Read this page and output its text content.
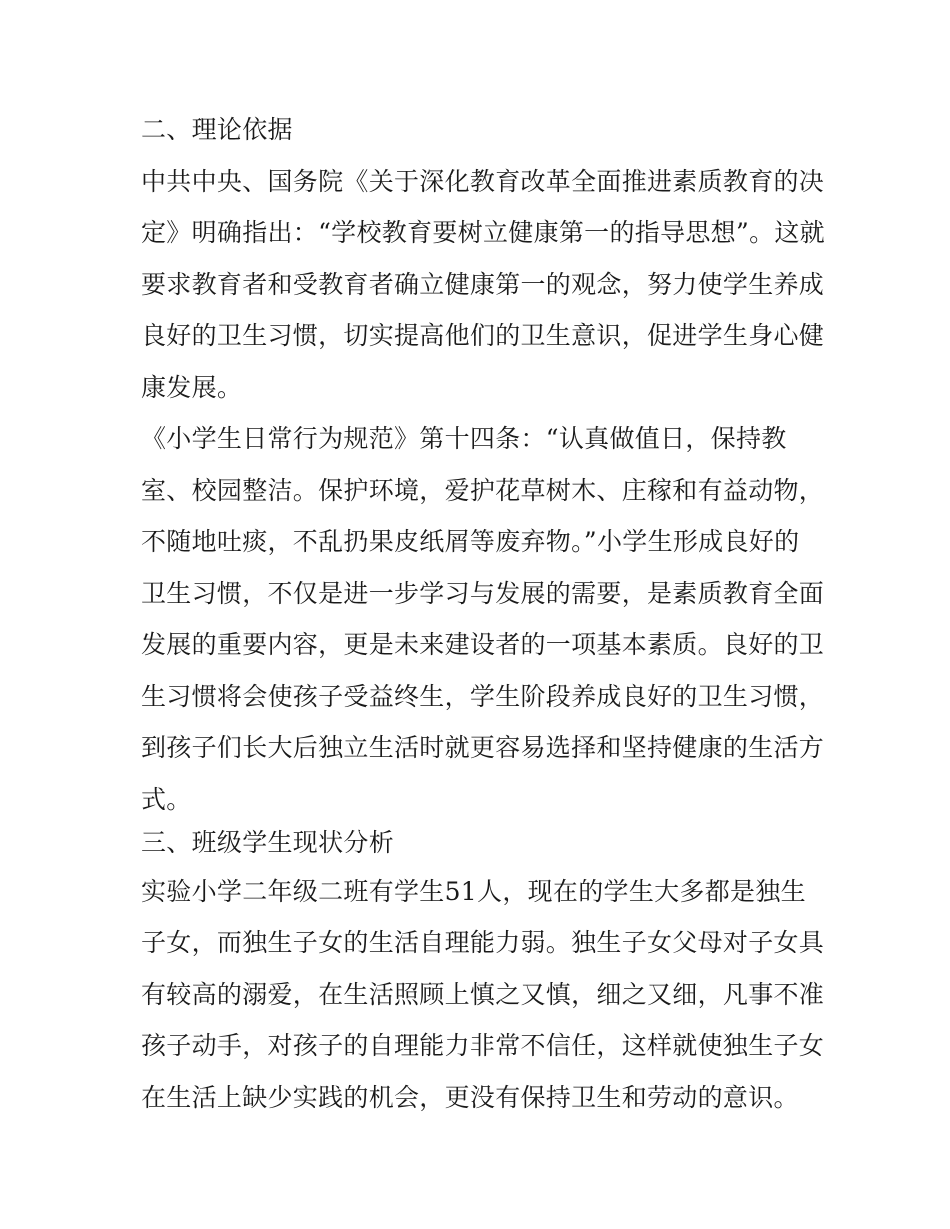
二、理论依据
中共中央、国务院《关于深化教育改革全面推进素质教育的决
定》明确指出：“学校教育要树立健康第一的指导思想”。这就
要求教育者和受教育者确立健康第一的观念，努力使学生养成
良好的卫生习惯，切实提高他们的卫生意识，促进学生身心健
康发展。
《小学生日常行为规范》第十四条：“认真做值日，保持教
室、校园整洁。保护环境，爱护花草树木、庄稼和有益动物，
不随地吐痰，不乱扔果皮纸屑等废弃物。”小学生形成良好的
卫生习惯，不仅是进一步学习与发展的需要，是素质教育全面
发展的重要内容，更是未来建设者的一项基本素质。良好的卫
生习惯将会使孩子受益终生，学生阶段养成良好的卫生习惯，
到孩子们长大后独立生活时就更容易选择和坚持健康的生活方
式。
三、班级学生现状分析
实验小学二年级二班有学生51人，现在的学生大多都是独生
子女，而独生子女的生活自理能力弱。独生子女父母对子女具
有较高的溺爱，在生活照顾上慎之又慎，细之又细，凡事不准
孩子动手，对孩子的自理能力非常不信任，这样就使独生子女
在生活上缺少实践的机会，更没有保持卫生和劳动的意识。
